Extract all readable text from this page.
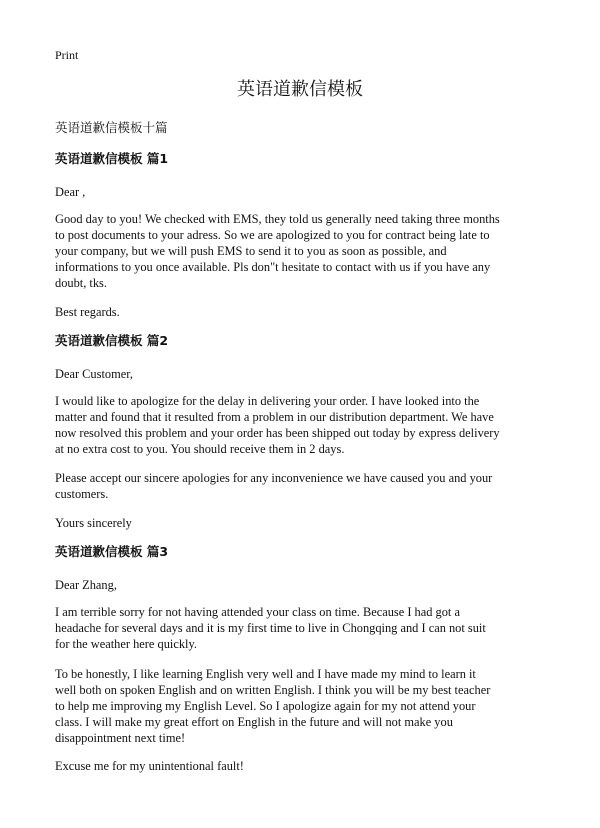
Print
英语道歉信模板
英语道歉信模板十篇
英语道歉信模板 篇1
Dear ,
Good day to you! We checked with EMS, they told us generally need taking three months
to post documents to your adress. So we are apologized to you for contract being late to
your company, but we will push EMS to send it to you as soon as possible, and
informations to you once available. Pls don"t hesitate to contact with us if you have any
doubt, tks.
Best regards.
英语道歉信模板 篇2
Dear Customer,
I would like to apologize for the delay in delivering your order. I have looked into the
matter and found that it resulted from a problem in our distribution department. We have
now resolved this problem and your order has been shipped out today by express delivery
at no extra cost to you. You should receive them in 2 days.
Please accept our sincere apologies for any inconvenience we have caused you and your
customers.
Yours sincerely
英语道歉信模板 篇3
Dear Zhang,
I am terrible sorry for not having attended your class on time. Because I had got a
headache for several days and it is my first time to live in Chongqing and I can not suit
for the weather here quickly.
To be honestly, I like learning English very well and I have made my mind to learn it
well both on spoken English and on written English. I think you will be my best teacher
to help me improving my English Level. So I apologize again for my not attend your
class. I will make my great effort on English in the future and will not make you
disappointment next time!
Excuse me for my unintentional fault!
